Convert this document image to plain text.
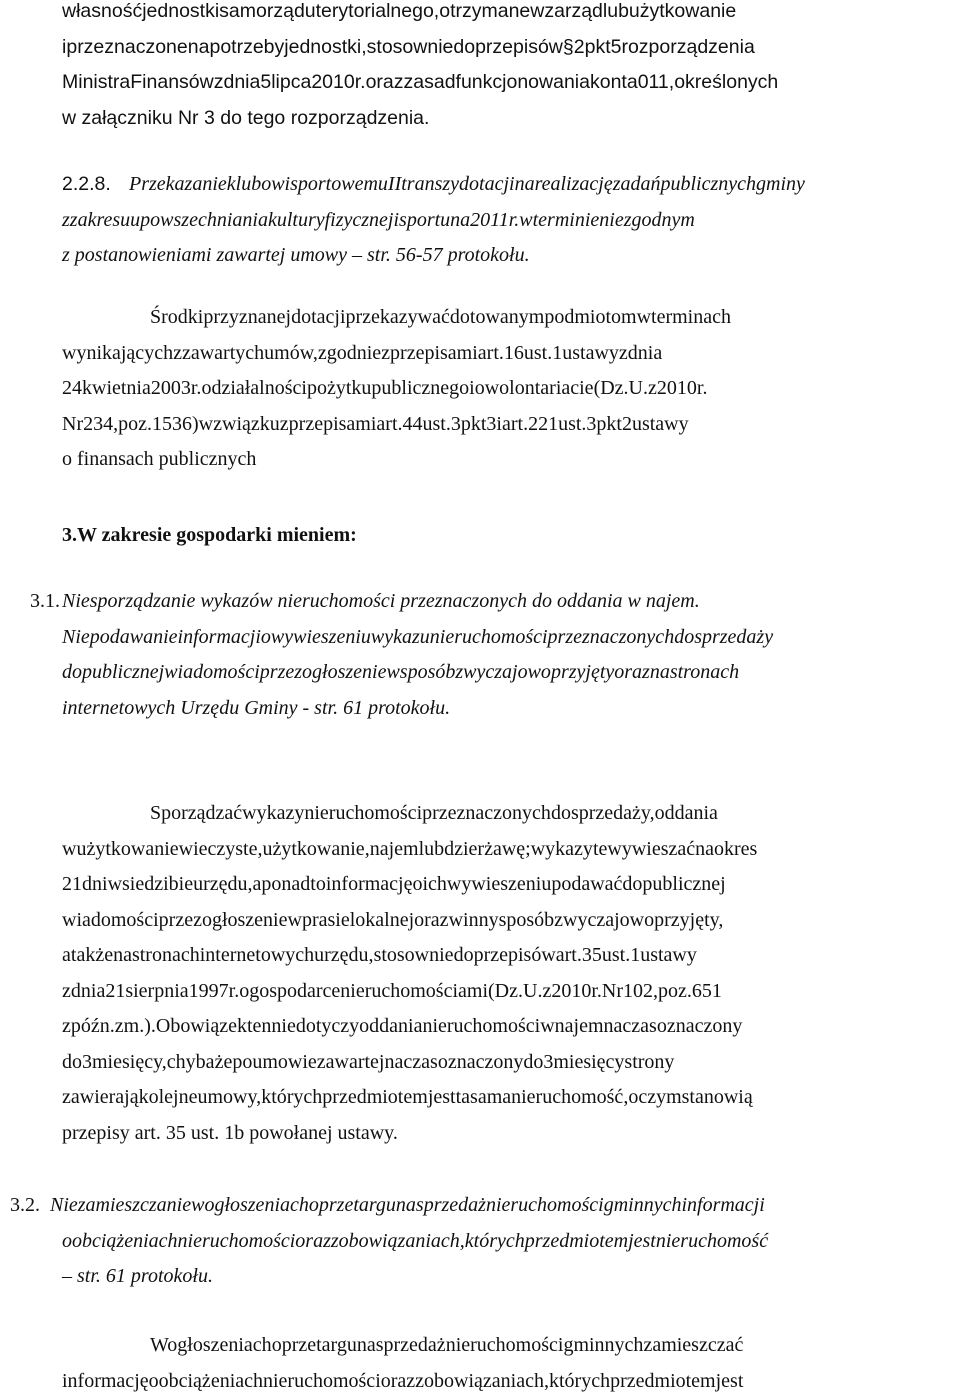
własnośćjednostkisamorząduterytorialnego,otrzymanewzarządlubużytkowanie
iprzeznaczonenapotrzebyjednostki,stosowniedoprzepisów§2pkt5rozporządzenia
MinistraFinansówzdnia5lipca2010r.orazzasadfunkcjonowaniakonta011,określonych
w załączniku Nr 3 do tego rozporządzenia.
2.2.8. PrzekazanieklubowisportowemuIItranszydotacjinarealizacjęzadańpublicznychgminy
zzakresuupowszechnianiakulturyfizycznejisportuna2011r.wterminieniezgodnym
z postanowieniami zawartej umowy – str. 56-57 protokołu.
Środkiprzyznanejdotacjiprzekazywaćdotowanympodmiotomwterminach
wynikającychzzawartychumów,zgodniezprzepisamiart.16ust.1ustawyzdnia
24kwietnia2003r.odziałalnościpożytkupublicznegoiowolontariacie(Dz.U.z2010r.
Nr234,poz.1536)wzwiązkuzprzepisamiart.44ust.3pkt3iart.221ust.3pkt2ustawy
o finansach publicznych
3. W zakresie gospodarki mieniem:
3.1. Niesporządzanie wykazów nieruchomości przeznaczonych do oddania w najem.
Niepodawanieinformacjiowywieszeniuwykazunieruchomościprzeznaczonychdosprzedaży
dopublicznejwiadomościprzezogłoszeniewsposóbzwyczajowoprzyjętyoraznastronach
internetowych Urzędu Gminy - str. 61 protokołu.
Sporządzaćwykazynieruchomościprzeznaczonychdosprzedaży,oddania
wużytkowaniewieczyste,użytkowanie,najemlubdzierżawę;wykazytewywieszaćnaokres
21dniwsiedzibieurzędu,aponadtoinformacjęoichwywieszeniupodawaćdopublicznej
wiadomościprzezogłoszeniewprasielokalnejorazwinnysposóbzwyczajowoprzyjęty,
atakżenastronachinternetowychurzędu,stosowniedoprzepisówart.35ust.1ustawy
zdnia21sierpnia1997r.ogospodarcenieruchomościami(Dz.U.z2010r.Nr102,poz.651
zpóźn.zm.).Obowiązektenniedotyczyoddanianieruchomościwnajemnaczasoznaczony
do3miesięcy,chybażepoumowiezawartejnaczasoznaczonydo3miesięcystrony
zawierająkolejneumowy,którychprzedmiotemjesttasamanieruchomość,oczymstanowią
przepisy art. 35 ust. 1b powołanej ustawy.
3.2. Niezamieszczaniewogłoszeniachoprzetargunasprzedażnieruchomościgminnychinformacji
oobciążeniachnieruchomościorazzobowiązaniach,którychprzedmiotemjestnieruchomość
– str. 61 protokołu.
Wogłoszeniachoprzetargunasprzedażnieruchomościgminnychzamieszczać
informacjęoobciążeniachnieruchomościorazzobowiązaniach,którychprzedmiotemjest
